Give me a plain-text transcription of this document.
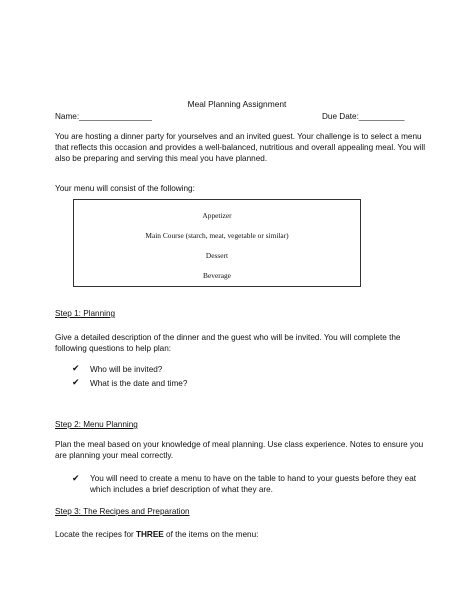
Meal Planning Assignment
Name:________________	Due Date:__________
You are hosting a dinner party for yourselves and an invited guest. Your challenge is to select a menu that reflects this occasion and provides a well-balanced, nutritious and overall appealing meal. You will also be preparing and serving this meal you have planned.
Your menu will consist of the following:
Appetizer
Main Course (starch, meat, vegetable or similar)
Dessert
Beverage
Step 1: Planning
Give a detailed description of the dinner and the guest who will be invited. You will complete the following questions to help plan:
✔ Who will be invited?
✔ What is the date and time?
Step 2: Menu Planning
Plan the meal based on your knowledge of meal planning. Use class experience. Notes to ensure you are planning your meal correctly.
✔ You will need to create a menu to have on the table to hand to your guests before they eat which includes a brief description of what they are.
Step 3: The Recipes and Preparation
Locate the recipes for THREE of the items on the menu:
